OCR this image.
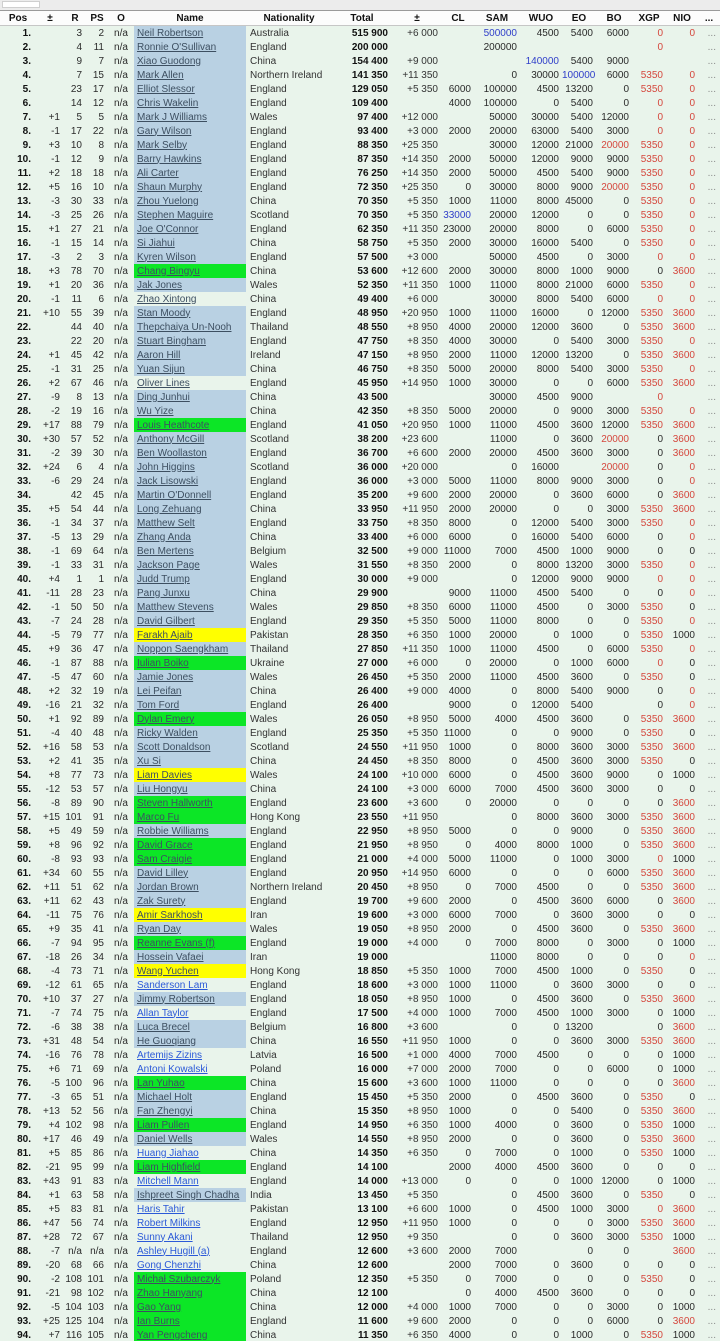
Pos	±	R	PS	O	Name	Nationality	Total	±	CL	SAM	WUO	EO	BO	XGP	NIO	...
1.		3	2	n/a	Neil Robertson	Australia	515 900	+6 000		500000	4500	5400	6000	0	0	...
2.		4	11	n/a	Ronnie O'Sullivan	England	200 000			200000				0		...
3.		9	7	n/a	Xiao Guodong	China	154 400	+9 000			140000	5400	9000			...
4.		7	15	n/a	Mark Allen	Northern Ireland	141 350	+11 350		0	30000	100000	6000	5350	0	...
5.		23	17	n/a	Elliot Slessor	England	129 050	+5 350	6000	100000	4500	13200	0	5350	0	...
6.		14	12	n/a	Chris Wakelin	England	109 400		4000	100000	0	5400	0	0	0	...
7.	+1	5	5	n/a	Mark J Williams	Wales	97 400	+12 000		50000	30000	5400	12000	0	0	...
8.	-1	17	22	n/a	Gary Wilson	England	93 400	+3 000	2000	20000	63000	5400	3000	0	0	...
9.	+3	10	8	n/a	Mark Selby	England	88 350	+25 350		30000	12000	21000	20000	5350	0	...
10.	-1	12	9	n/a	Barry Hawkins	England	87 350	+14 350	2000	50000	12000	9000	9000	5350	0	...
11.	+2	18	18	n/a	Ali Carter	England	76 250	+14 350	2000	50000	4500	5400	9000	5350	0	...
12.	+5	16	10	n/a	Shaun Murphy	England	72 350	+25 350	0	30000	8000	9000	20000	5350	0	...
13.	-3	30	33	n/a	Zhou Yuelong	China	70 350	+5 350	1000	11000	8000	45000	0	5350	0	...
14.	-3	25	26	n/a	Stephen Maguire	Scotland	70 350	+5 350	33000	20000	12000	0	0	5350	0	...
15.	+1	27	21	n/a	Joe O'Connor	England	62 350	+11 350	23000	20000	8000	0	6000	5350	0	...
16.	-1	15	14	n/a	Si Jiahui	China	58 750	+5 350	2000	30000	16000	5400	0	5350	0	...
17.	-3	2	3	n/a	Kyren Wilson	England	57 500	+3 000		50000	4500	0	3000	0	0	...
18.	+3	78	70	n/a	Chang Bingyu	China	53 600	+12 600	2000	30000	8000	1000	9000	0	3600	...
19.	+1	20	36	n/a	Jak Jones	Wales	52 350	+11 350	1000	11000	8000	21000	6000	5350	0	...
20.	-1	11	6	n/a	Zhao Xintong	China	49 400	+6 000		30000	8000	5400	6000	0	0	...
21.	+10	55	39	n/a	Stan Moody	England	48 950	+20 950	1000	11000	16000	0	12000	5350	3600	...
22.		44	40	n/a	Thepchaiya Un-Nooh	Thailand	48 550	+8 950	4000	20000	12000	3600	0	5350	3600	...
23.		22	20	n/a	Stuart Bingham	England	47 750	+8 350	4000	30000	0	5400	3000	5350	0	...
24.	+1	45	42	n/a	Aaron Hill	Ireland	47 150	+8 950	2000	11000	12000	13200	0	5350	3600	...
25.	-1	31	25	n/a	Yuan Sijun	China	46 750	+8 350	5000	20000	8000	5400	3000	5350	0	...
26.	+2	67	46	n/a	Oliver Lines	England	45 950	+14 950	1000	30000	0	0	6000	5350	3600	...
27.	-9	8	13	n/a	Ding Junhui	China	43 500			30000	4500	9000		0		...
28.	-2	19	16	n/a	Wu Yize	China	42 350	+8 350	5000	20000	0	9000	3000	5350	0	...
29.	+17	88	79	n/a	Louis Heathcote	England	41 050	+20 950	1000	11000	4500	3600	12000	5350	3600	...
30.	+30	57	52	n/a	Anthony McGill	Scotland	38 200	+23 600		11000	0	3600	20000	0	3600	...
31.	-2	39	30	n/a	Ben Woollaston	England	36 700	+6 600	2000	20000	4500	3600	3000	0	3600	...
32.	+24	6	4	n/a	John Higgins	Scotland	36 000	+20 000		0	16000		20000	0	0	...
33.	-6	29	24	n/a	Jack Lisowski	England	36 000	+3 000	5000	11000	8000	9000	3000	0	0	...
34.		42	45	n/a	Martin O'Donnell	England	35 200	+9 600	2000	20000	0	3600	6000	0	3600	...
35.	+5	54	44	n/a	Long Zehuang	China	33 950	+11 950	2000	20000	0	0	3000	5350	3600	...
36.	-1	34	37	n/a	Matthew Selt	England	33 750	+8 350	8000	0	12000	5400	3000	5350	0	...
37.	-5	13	29	n/a	Zhang Anda	China	33 400	+6 000	6000	0	16000	5400	6000	0	0	...
38.	-1	69	64	n/a	Ben Mertens	Belgium	32 500	+9 000	11000	7000	4500	1000	9000	0	0	...
39.	-1	33	31	n/a	Jackson Page	Wales	31 550	+8 350	2000	0	8000	13200	3000	5350	0	...
40.	+4	1	1	n/a	Judd Trump	England	30 000	+9 000		0	12000	9000	9000	0	0	...
41.	-11	28	23	n/a	Pang Junxu	China	29 900		9000	11000	4500	5400	0	0	0	...
42.	-1	50	50	n/a	Matthew Stevens	Wales	29 850	+8 350	6000	11000	4500	0	3000	5350	0	...
43.	-7	24	28	n/a	David Gilbert	England	29 350	+5 350	5000	11000	8000	0	0	5350	0	...
44.	-5	79	77	n/a	Farakh Ajaib	Pakistan	28 350	+6 350	1000	20000	0	1000	0	5350	1000	...
45.	+9	36	47	n/a	Noppon Saengkham	Thailand	27 850	+11 350	1000	11000	4500	0	6000	5350	0	...
46.	-1	87	88	n/a	Iulian Boiko	Ukraine	27 000	+6 000	0	20000	0	1000	6000	0	0	...
47.	-5	47	60	n/a	Jamie Jones	Wales	26 450	+5 350	2000	11000	4500	3600	0	5350	0	...
48.	+2	32	19	n/a	Lei Peifan	China	26 400	+9 000	4000	0	8000	5400	9000	0	0	...
49.	-16	21	32	n/a	Tom Ford	England	26 400		9000	0	12000	5400		0	0	...
50.	+1	92	89	n/a	Dylan Emery	Wales	26 050	+8 950	5000	4000	4500	3600	0	5350	3600	...
51.	-4	40	48	n/a	Ricky Walden	England	25 350	+5 350	11000	0	0	9000	0	5350	0	...
52.	+16	58	53	n/a	Scott Donaldson	Scotland	24 550	+11 950	1000	0	8000	3600	3000	5350	3600	...
53.	+2	41	35	n/a	Xu Si	China	24 450	+8 350	8000	0	4500	3600	3000	5350	0	...
54.	+8	77	73	n/a	Liam Davies	Wales	24 100	+10 000	6000	0	4500	3600	9000	0	1000	...
55.	-12	53	57	n/a	Liu Hongyu	China	24 100	+3 000	6000	7000	4500	3600	3000	0	0	...
56.	-8	89	90	n/a	Steven Hallworth	England	23 600	+3 600	0	20000	0	0	0	0	3600	...
57.	+15	101	91	n/a	Marco Fu	Hong Kong	23 550	+11 950		0	8000	3600	3000	5350	3600	...
58.	+5	49	59	n/a	Robbie Williams	England	22 950	+8 950	5000	0	0	9000	0	5350	3600	...
59.	+8	96	92	n/a	David Grace	England	21 950	+8 950	0	4000	8000	1000	0	5350	3600	...
60.	-8	93	93	n/a	Sam Craigie	England	21 000	+4 000	5000	11000	0	1000	3000	0	1000	...
61.	+34	60	55	n/a	David Lilley	England	20 950	+14 950	6000	0	0	0	6000	5350	3600	...
62.	+11	51	62	n/a	Jordan Brown	Northern Ireland	20 450	+8 950	0	7000	4500	0	0	5350	3600	...
63.	+11	62	43	n/a	Zak Surety	England	19 700	+9 600	2000	0	4500	3600	6000	0	3600	...
64.	-11	75	76	n/a	Amir Sarkhosh	Iran	19 600	+3 000	6000	7000	0	3600	3000	0	0	...
65.	+9	35	41	n/a	Ryan Day	Wales	19 050	+8 950	2000	0	4500	3600	0	5350	3600	...
66.	-7	94	95	n/a	Reanne Evans (f)	England	19 000	+4 000	0	7000	8000	0	3000	0	1000	...
67.	-18	26	34	n/a	Hossein Vafaei	Iran	19 000			11000	8000	0	0	0	0	...
68.	-4	73	71	n/a	Wang Yuchen	Hong Kong	18 850	+5 350	1000	7000	4500	1000	0	5350	0	...
69.	-12	61	65	n/a	Sanderson Lam	England	18 600	+3 000	1000	11000	0	3600	3000	0	0	...
70.	+10	37	27	n/a	Jimmy Robertson	England	18 050	+8 950	1000	0	4500	3600	0	5350	3600	...
71.	-7	74	75	n/a	Allan Taylor	England	17 500	+4 000	1000	7000	4500	1000	3000	0	1000	...
72.	-6	38	38	n/a	Luca Brecel	Belgium	16 800	+3 600		0	0	13200		0	3600	...
73.	+31	48	54	n/a	He Guoqiang	China	16 550	+11 950	1000	0	0	3600	3000	5350	3600	...
74.	-16	76	78	n/a	Artemijs Zizins	Latvia	16 500	+1 000	4000	7000	4500	0	0	0	1000	...
75.	+6	71	69	n/a	Antoni Kowalski	Poland	16 000	+7 000	2000	7000	0	0	6000	0	1000	...
76.	-5	100	96	n/a	Lan Yuhao	China	15 600	+3 600	1000	11000	0	0	0	0	3600	...
77.	-3	65	51	n/a	Michael Holt	England	15 450	+5 350	2000	0	4500	3600	0	5350	0	...
78.	+13	52	56	n/a	Fan Zhengyi	China	15 350	+8 950	1000	0	0	5400	0	5350	3600	...
79.	+4	102	98	n/a	Liam Pullen	England	14 950	+6 350	1000	4000	0	3600	0	5350	1000	...
80.	+17	46	49	n/a	Daniel Wells	Wales	14 550	+8 950	2000	0	0	3600	0	5350	3600	...
81.	+5	85	86	n/a	Huang Jiahao	China	14 350	+6 350	0	7000	0	1000	0	5350	1000	...
82.	-21	95	99	n/a	Liam Highfield	England	14 100		2000	4000	4500	3600	0	0	0	...
83.	+43	91	83	n/a	Mitchell Mann	England	14 000	+13 000	0	0	0	1000	12000	0	1000	...
84.	+1	63	58	n/a	Ishpreet Singh Chadha	India	13 450	+5 350		0	4500	3600	0	5350	0	...
85.	+5	83	81	n/a	Haris Tahir	Pakistan	13 100	+6 600	1000	0	4500	1000	3000	0	3600	...
86.	+47	56	74	n/a	Robert Milkins	England	12 950	+11 950	1000	0	0	0	3000	5350	3600	...
87.	+28	72	67	n/a	Sunny Akani	Thailand	12 950	+9 350		0	0	3600	3000	5350	1000	...
88.	-7	n/a	n/a	n/a	Ashley Hugill (a)	England	12 600	+3 600	2000	7000		0	0		3600	...
89.	-20	68	66	n/a	Gong Chenzhi	China	12 600		2000	7000	0	3600	0	0	0	...
90.	-2	108	101	n/a	Michał Szubarczyk	Poland	12 350	+5 350	0	7000	0	0	0	5350	0	...
91.	-21	98	102	n/a	Zhao Hanyang	China	12 100		0	4000	4500	3600	0	0	0	...
92.	-5	104	103	n/a	Gao Yang	China	12 000	+4 000	1000	7000	0	0	3000	0	1000	...
93.	+25	125	104	n/a	Ian Burns	England	11 600	+9 600	2000	0	0	0	6000	0	3600	...
94.	+7	116	105	n/a	Yan Pengcheng	China	11 350	+6 350	4000	0	0	1000	0	5350	1000	...
